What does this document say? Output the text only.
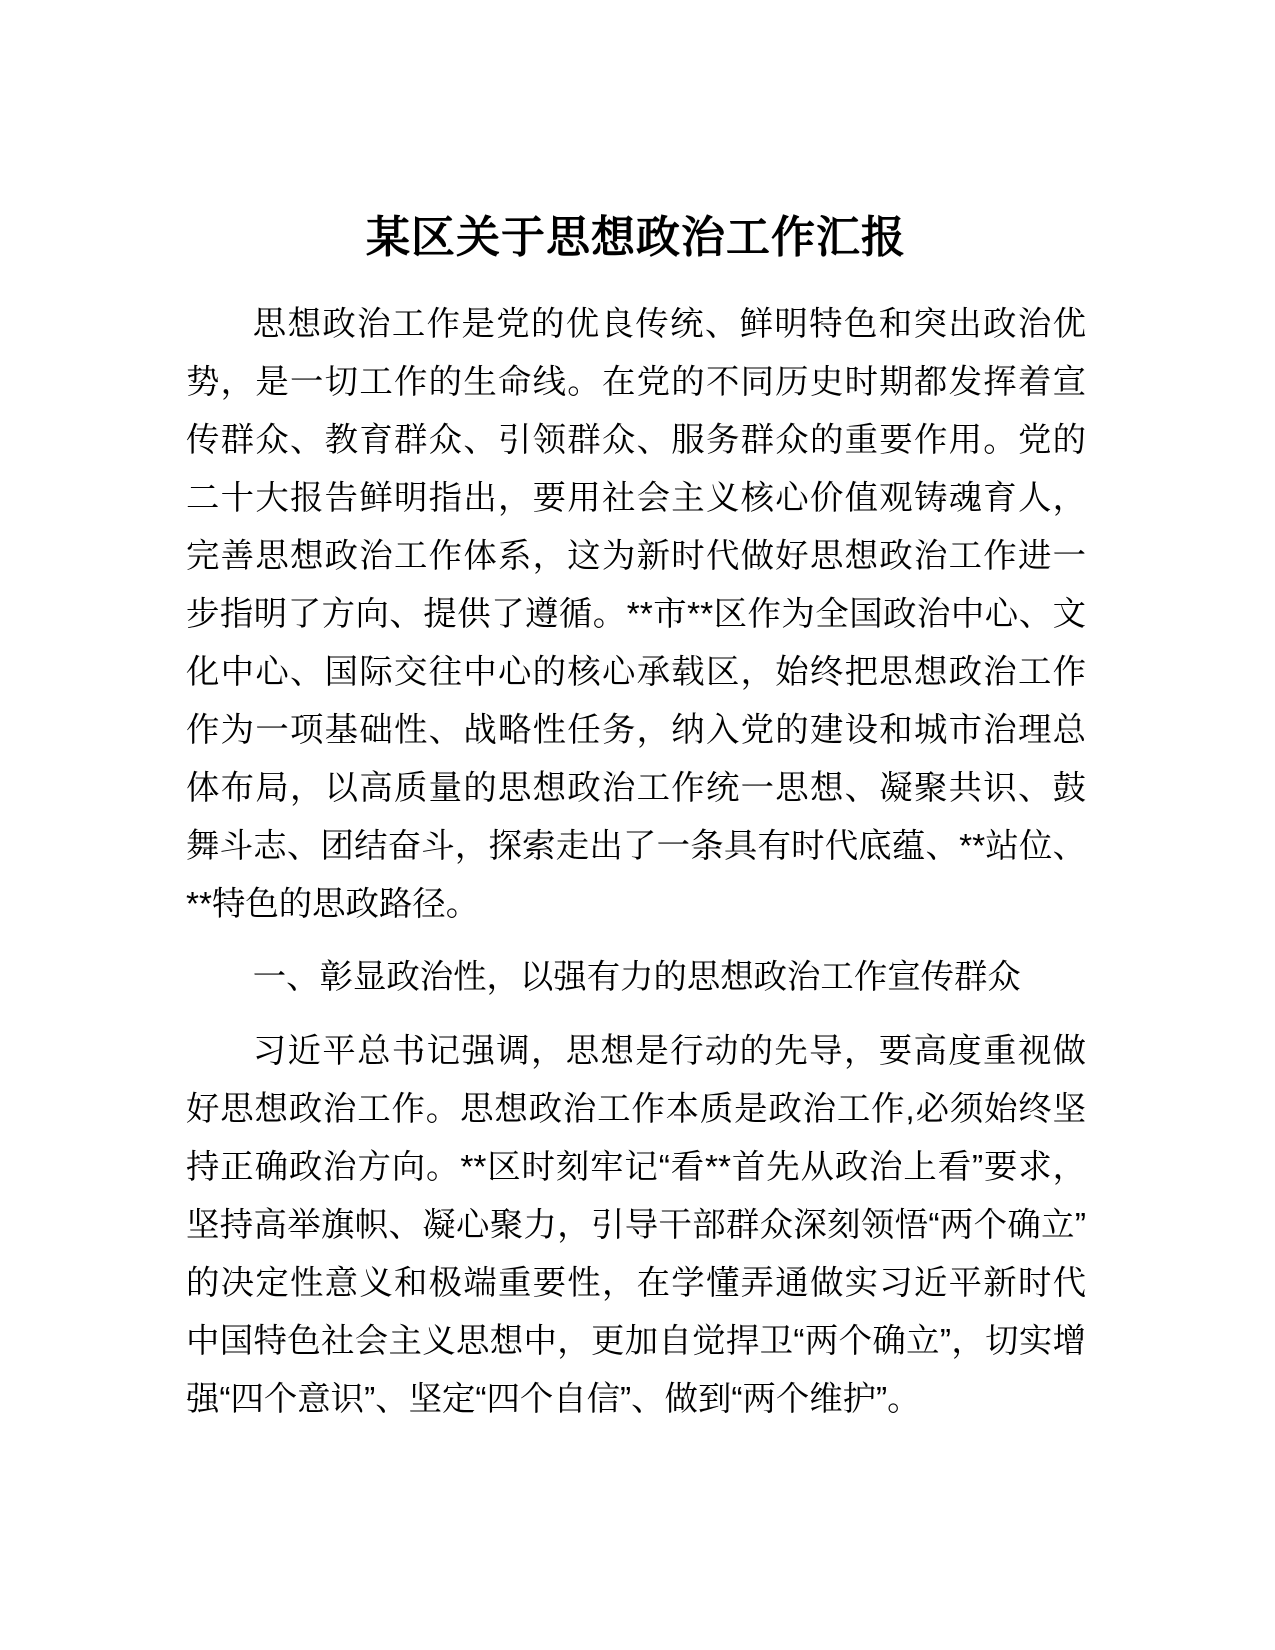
某区关于思想政治工作汇报

思想政治工作是党的优良传统、鲜明特色和突出政治优势，是一切工作的生命线。在党的不同历史时期都发挥着宣传群众、教育群众、引领群众、服务群众的重要作用。党的二十大报告鲜明指出，要用社会主义核心价值观铸魂育人，完善思想政治工作体系，这为新时代做好思想政治工作进一步指明了方向、提供了遵循。**市**区作为全国政治中心、文化中心、国际交往中心的核心承载区，始终把思想政治工作作为一项基础性、战略性任务，纳入党的建设和城市治理总体布局，以高质量的思想政治工作统一思想、凝聚共识、鼓舞斗志、团结奋斗，探索走出了一条具有时代底蕴、**站位、**特色的思政路径。

一、彰显政治性，以强有力的思想政治工作宣传群众

习近平总书记强调，思想是行动的先导，要高度重视做好思想政治工作。思想政治工作本质是政治工作,必须始终坚持正确政治方向。**区时刻牢记“看**首先从政治上看”要求，坚持高举旗帜、凝心聚力，引导干部群众深刻领悟“两个确立”的决定性意义和极端重要性，在学懂弄通做实习近平新时代中国特色社会主义思想中，更加自觉捍卫“两个确立”，切实增强“四个意识”、坚定“四个自信”、做到“两个维护”。
